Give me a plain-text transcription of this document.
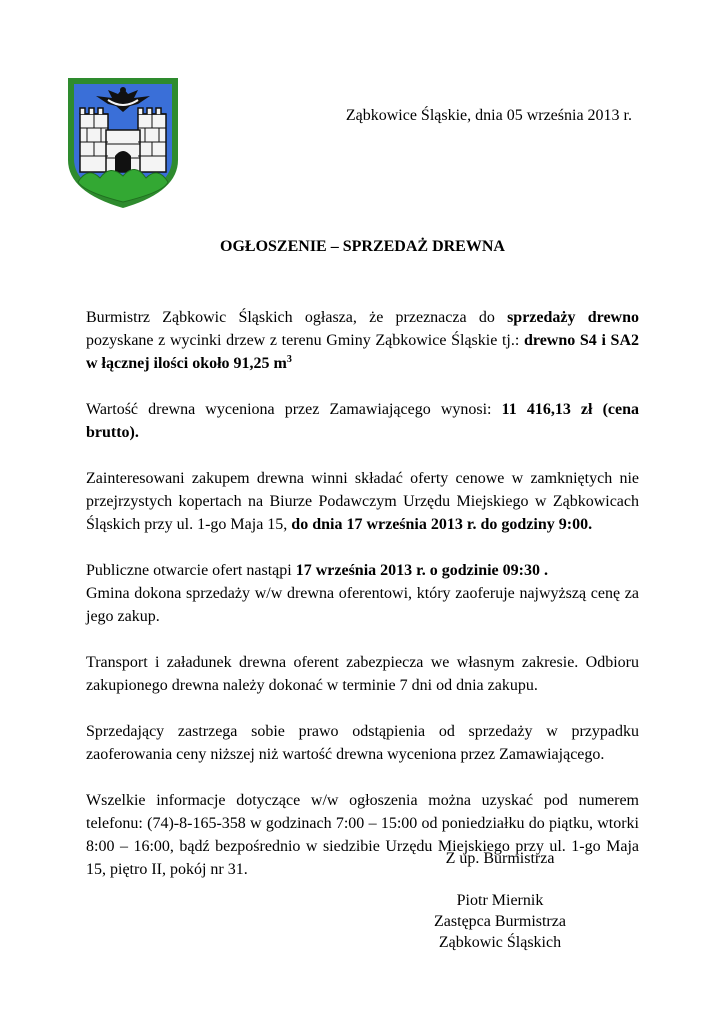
Ząbkowice Śląskie, dnia 05 września 2013 r.
OGŁOSZENIE – SPRZEDAŻ DREWNA

Burmistrz Ząbkowic Śląskich ogłasza, że przeznacza do sprzedaży drewno pozyskane z wycinki drzew z terenu Gminy Ząbkowice Śląskie tj.: drewno S4 i SA2 w łącznej ilości około 91,25 $m^3$

Wartość drewna wyceniona przez Zamawiającego wynosi: 11 416,13 zł (cena brutto).

Zainteresowani zakupem drewna winni składać oferty cenowe w zamkniętych nie przejrzystych kopertach na Biurze Podawczym Urzędu Miejskiego w Ząbkowicach Śląskich przy ul. 1-go Maja 15, do dnia 17 września 2013 r. do godziny 9:00.

Publiczne otwarcie ofert nastąpi 17 września 2013 r. o godzinie 09:30 .

Gmina dokona sprzedaży w/w drewna oferentowi, który zaoferuje najwyższą cenę za jego zakup.

Transport i załadunek drewna oferent zabezpiecza we własnym zakresie. Odbioru zakupionego drewna należy dokonać w terminie 7 dni od dnia zakupu.

Sprzedający zastrzega sobie prawo odstąpienia od sprzedaży w przypadku zaoferowania ceny niższej niż wartość drewna wyceniona przez Zamawiającego.

Wszelkie informacje dotyczące w/w ogłoszenia można uzyskać pod numerem telefonu: (74)-8-165-358 w godzinach 7:00 – 15:00 od poniedziałku do piątku, wtorki 8:00 – 16:00, bądź bezpośrednio w siedzibie Urzędu Miejskiego przy ul. 1-go Maja 15, piętro II, pokój nr 31.

Z up. Burmistrza
Piotr Miernik
Zastępca Burmistrza
Ząbkowic Śląskich
